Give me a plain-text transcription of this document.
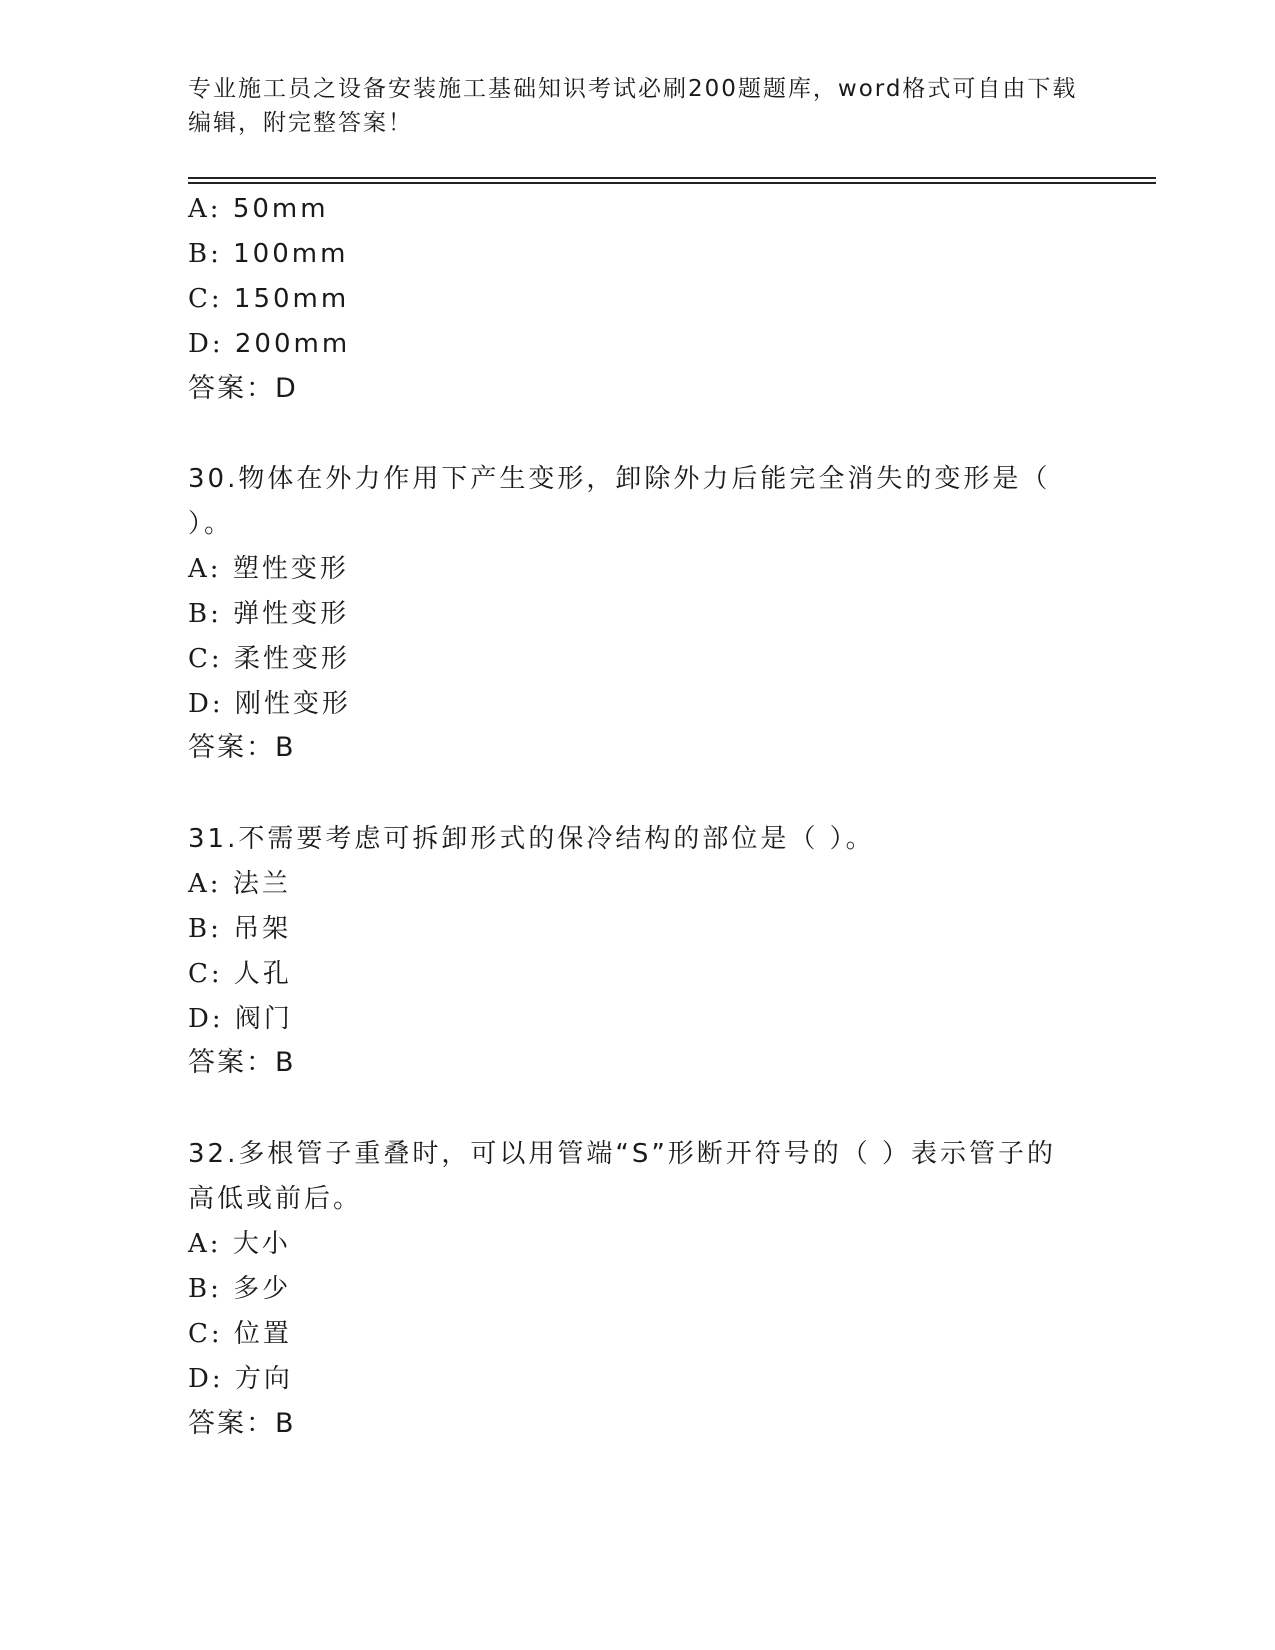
专业施工员之设备安装施工基础知识考试必刷200题题库，word格式可自由下载
编辑，附完整答案！
A: 50mm
B: 100mm
C: 150mm
D: 200mm
答案：D
30.物体在外力作用下产生变形，卸除外力后能完全消失的变形是（
）。
A: 塑性变形
B: 弹性变形
C: 柔性变形
D: 刚性变形
答案：B
31.不需要考虑可拆卸形式的保冷结构的部位是（ ）。
A: 法兰
B: 吊架
C: 人孔
D: 阀门
答案：B
32.多根管子重叠时，可以用管端“S”形断开符号的（ ）表示管子的
高低或前后。
A: 大小
B: 多少
C: 位置
D: 方向
答案：B
